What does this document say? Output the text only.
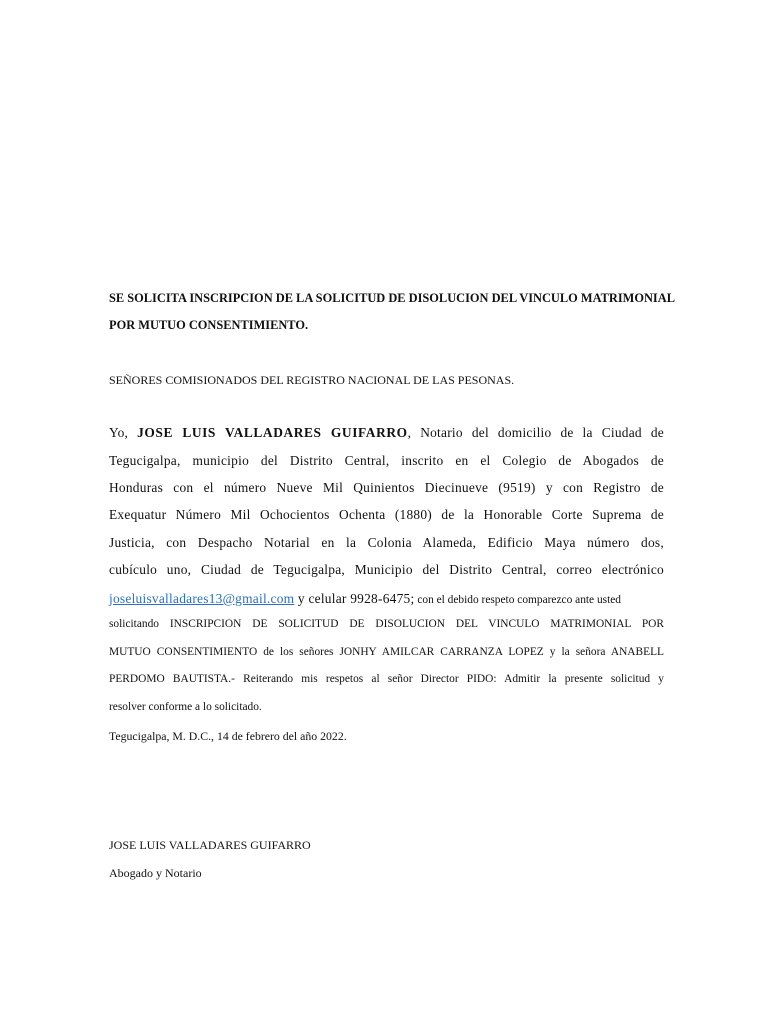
SE SOLICITA INSCRIPCION DE LA SOLICITUD DE DISOLUCION DEL VINCULO MATRIMONIAL
POR MUTUO CONSENTIMIENTO.
SEÑORES COMISIONADOS DEL REGISTRO NACIONAL DE LAS PESONAS.
Yo, JOSE LUIS VALLADARES GUIFARRO, Notario del domicilio de la Ciudad de
Tegucigalpa, municipio del Distrito Central, inscrito en el Colegio de Abogados de
Honduras con el número Nueve Mil Quinientos Diecinueve (9519) y con Registro de
Exequatur Número Mil Ochocientos Ochenta (1880) de la Honorable Corte Suprema de
Justicia, con Despacho Notarial en la Colonia Alameda, Edificio Maya número dos,
cubículo uno, Ciudad de Tegucigalpa, Municipio del Distrito Central, correo electrónico
joseluisvalladares13@gmail.com y celular 9928-6475; con el debido respeto comparezco ante usted
solicitando INSCRIPCION DE SOLICITUD DE DISOLUCION DEL VINCULO MATRIMONIAL POR
MUTUO CONSENTIMIENTO de los señores JONHY AMILCAR CARRANZA LOPEZ y la señora ANABELL
PERDOMO BAUTISTA.- Reiterando mis respetos al señor Director PIDO: Admitir la presente solicitud y
resolver conforme a lo solicitado.
Tegucigalpa, M. D.C., 14 de febrero del año 2022.
JOSE LUIS VALLADARES GUIFARRO
Abogado y Notario
